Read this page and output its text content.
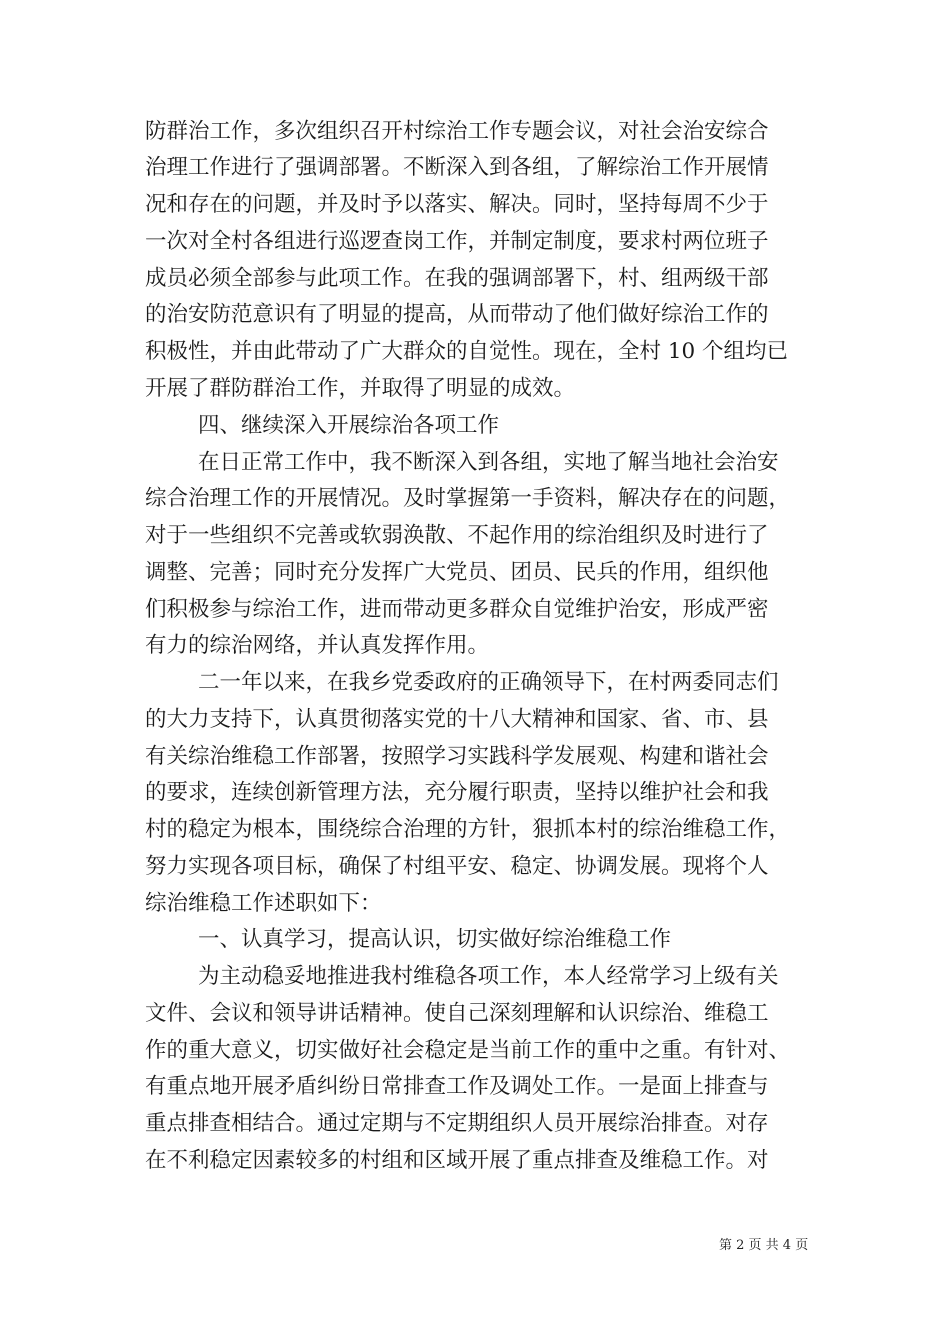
防群治工作，多次组织召开村综治工作专题会议，对社会治安综合
治理工作进行了强调部署。不断深入到各组，了解综治工作开展情
况和存在的问题，并及时予以落实、解决。同时，坚持每周不少于
一次对全村各组进行巡逻查岗工作，并制定制度，要求村两位班子
成员必须全部参与此项工作。在我的强调部署下，村、组两级干部
的治安防范意识有了明显的提高，从而带动了他们做好综治工作的
积极性，并由此带动了广大群众的自觉性。现在，全村 10 个组均已
开展了群防群治工作，并取得了明显的成效。
四、继续深入开展综治各项工作
在日正常工作中，我不断深入到各组，实地了解当地社会治安
综合治理工作的开展情况。及时掌握第一手资料，解决存在的问题，
对于一些组织不完善或软弱涣散、不起作用的综治组织及时进行了
调整、完善；同时充分发挥广大党员、团员、民兵的作用，组织他
们积极参与综治工作，进而带动更多群众自觉维护治安，形成严密
有力的综治网络，并认真发挥作用。
二一年以来，在我乡党委政府的正确领导下，在村两委同志们
的大力支持下，认真贯彻落实党的十八大精神和国家、省、市、县
有关综治维稳工作部署，按照学习实践科学发展观、构建和谐社会
的要求，连续创新管理方法，充分履行职责，坚持以维护社会和我
村的稳定为根本，围绕综合治理的方针，狠抓本村的综治维稳工作，
努力实现各项目标，确保了村组平安、稳定、协调发展。现将个人
综治维稳工作述职如下：
一、认真学习，提高认识，切实做好综治维稳工作
为主动稳妥地推进我村维稳各项工作，本人经常学习上级有关
文件、会议和领导讲话精神。使自己深刻理解和认识综治、维稳工
作的重大意义，切实做好社会稳定是当前工作的重中之重。有针对、
有重点地开展矛盾纠纷日常排查工作及调处工作。一是面上排查与
重点排查相结合。通过定期与不定期组织人员开展综治排查。对存
在不利稳定因素较多的村组和区域开展了重点排查及维稳工作。对
第 2 页 共 4 页
